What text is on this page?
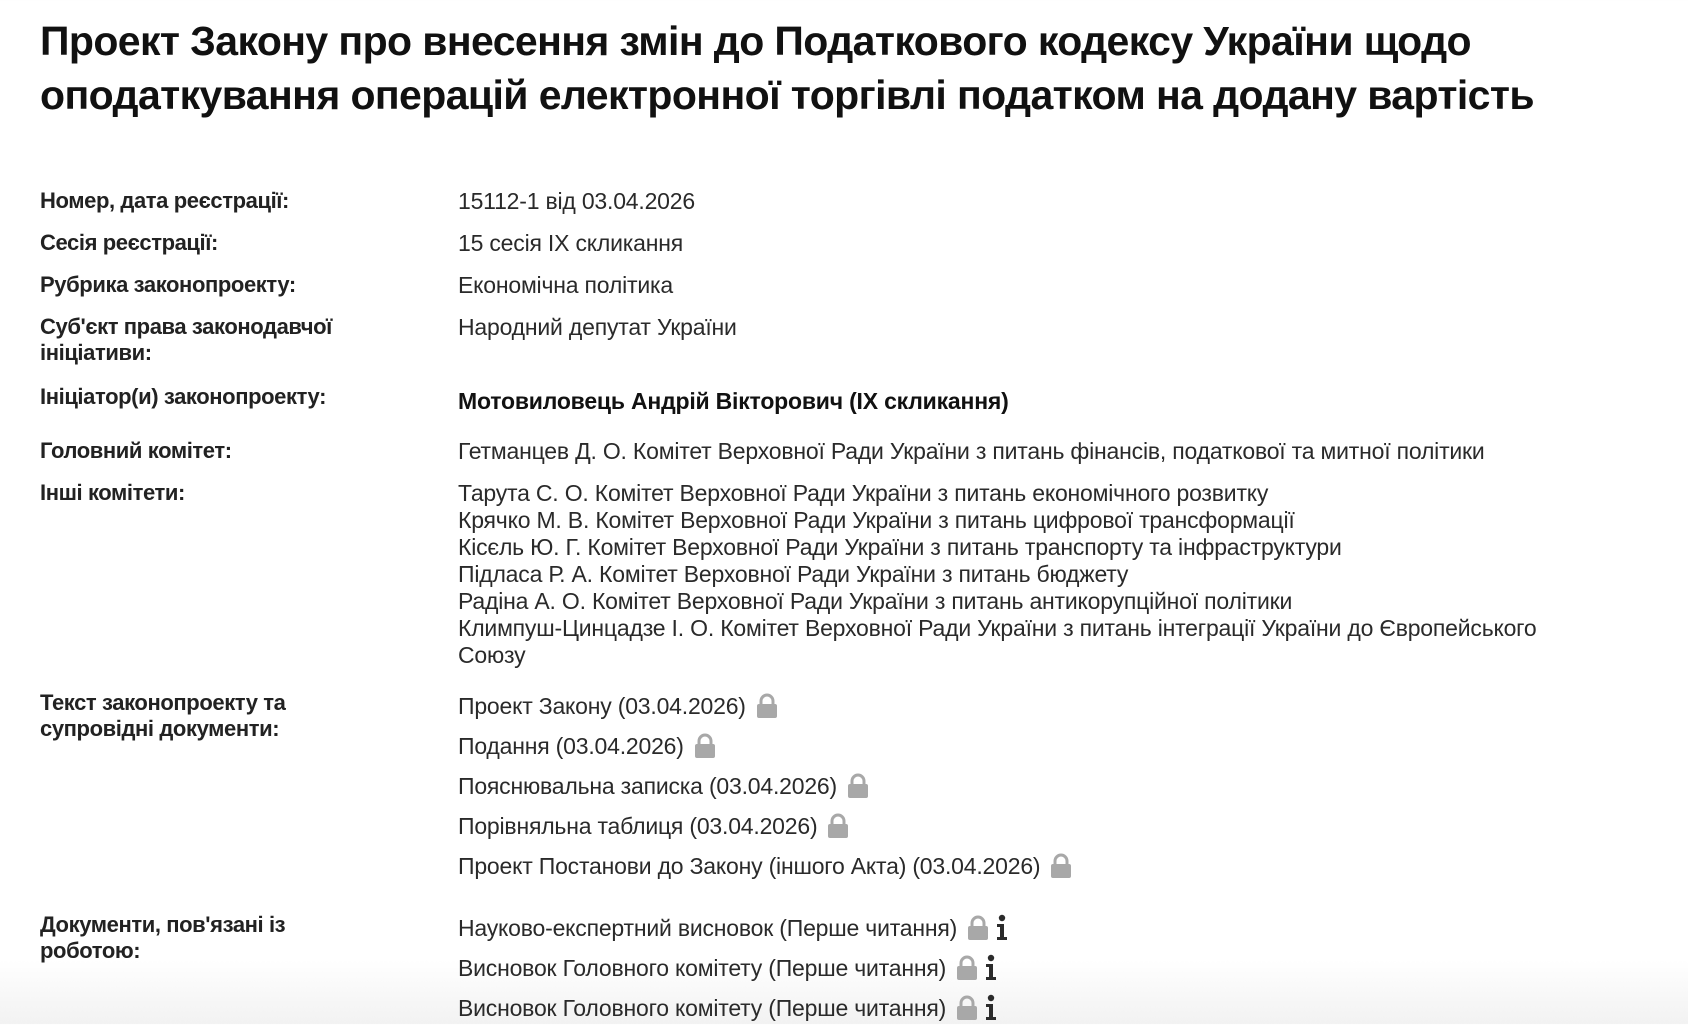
Проект Закону про внесення змін до Податкового кодексу України щодо оподаткування операцій електронної торгівлі податком на додану вартість
Номер, дата реєстрації:	15112-1 від 03.04.2026
Сесія реєстрації:	15 сесія IX скликання
Рубрика законопроекту:	Економічна політика
Суб'єкт права законодавчої ініціативи:
Народний депутат України
Ініціатор(и) законопроекту:	Мотовиловець Андрій Вікторович (IX скликання)
Головний комітет:	Гетманцев Д. О. Комітет Верховної Ради України з питань фінансів, податкової та митної політики
Інші комітети:	Тарута С. О. Комітет Верховної Ради України з питань економічного розвитку
Крячко М. В. Комітет Верховної Ради України з питань цифрової трансформації
Кісєль Ю. Г. Комітет Верховної Ради України з питань транспорту та інфраструктури
Підласа Р. А. Комітет Верховної Ради України з питань бюджету
Радіна А. О. Комітет Верховної Ради України з питань антикорупційної політики
Климпуш-Цинцадзе І. О. Комітет Верховної Ради України з питань інтеграції України до Європейського
Союзу
Текст законопроекту та супровідні документи:
Проект Закону (03.04.2026)
Подання (03.04.2026)
Пояснювальна записка (03.04.2026)
Порівняльна таблиця (03.04.2026)
Проект Постанови до Закону (іншого Акта) (03.04.2026)
Документи, пов'язані із роботою:
Науково-експертний висновок (Перше читання)
Висновок Головного комітету (Перше читання)
Висновок Головного комітету (Перше читання)
